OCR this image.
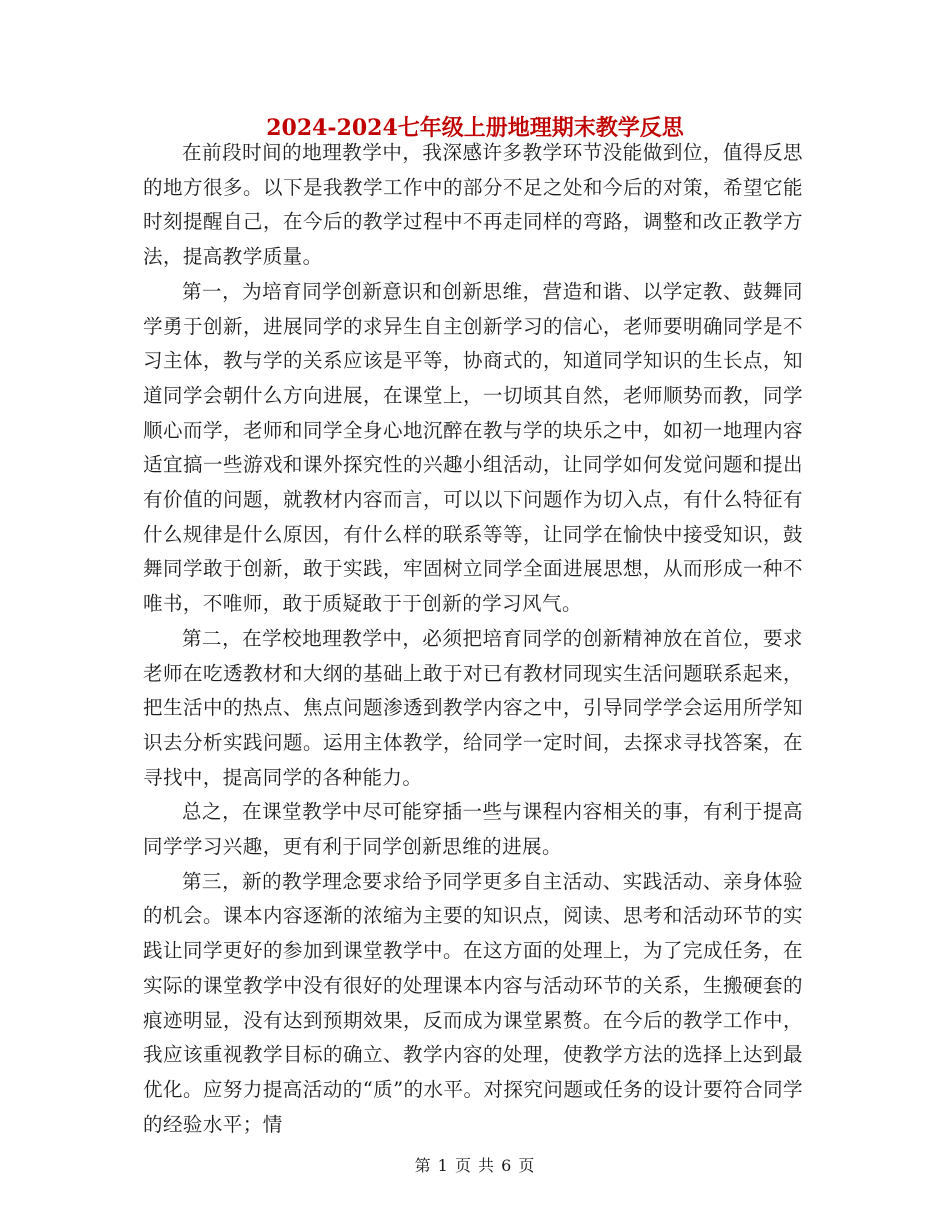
2024-2024七年级上册地理期末教学反思

在前段时间的地理教学中，我深感许多教学环节没能做到位，值得反思的地方很多。以下是我教学工作中的部分不足之处和今后的对策，希望它能时刻提醒自己，在今后的教学过程中不再走同样的弯路，调整和改正教学方法，提高教学质量。

第一，为培育同学创新意识和创新思维，营造和谐、以学定教、鼓舞同学勇于创新，进展同学的求异生自主创新学习的信心，老师要明确同学是不习主体，教与学的关系应该是平等，协商式的，知道同学知识的生长点，知道同学会朝什么方向进展，在课堂上，一切顷其自然，老师顺势而教，同学顺心而学，老师和同学全身心地沉醉在教与学的块乐之中，如初一地理内容适宜搞一些游戏和课外探究性的兴趣小组活动，让同学如何发觉问题和提出有价值的问题，就教材内容而言，可以以下问题作为切入点，有什么特征有什么规律是什么原因，有什么样的联系等等，让同学在愉快中接受知识，鼓舞同学敢于创新，敢于实践，牢固树立同学全面进展思想，从而形成一种不唯书，不唯师，敢于质疑敢于于创新的学习风气。

第二，在学校地理教学中，必须把培育同学的创新精神放在首位，要求老师在吃透教材和大纲的基础上敢于对已有教材同现实生活问题联系起来，把生活中的热点、焦点问题渗透到教学内容之中，引导同学学会运用所学知识去分析实践问题。运用主体教学，给同学一定时间，去探求寻找答案，在寻找中，提高同学的各种能力。

总之，在课堂教学中尽可能穿插一些与课程内容相关的事，有利于提高同学学习兴趣，更有利于同学创新思维的进展。

第三，新的教学理念要求给予同学更多自主活动、实践活动、亲身体验的机会。课本内容逐渐的浓缩为主要的知识点，阅读、思考和活动环节的实践让同学更好的参加到课堂教学中。在这方面的处理上，为了完成任务，在实际的课堂教学中没有很好的处理课本内容与活动环节的关系，生搬硬套的痕迹明显，没有达到预期效果，反而成为课堂累赘。在今后的教学工作中，我应该重视教学目标的确立、教学内容的处理，使教学方法的选择上达到最优化。应努力提高活动的“质”的水平。对探究问题或任务的设计要符合同学的经验水平；情

第 1 页 共 6 页
